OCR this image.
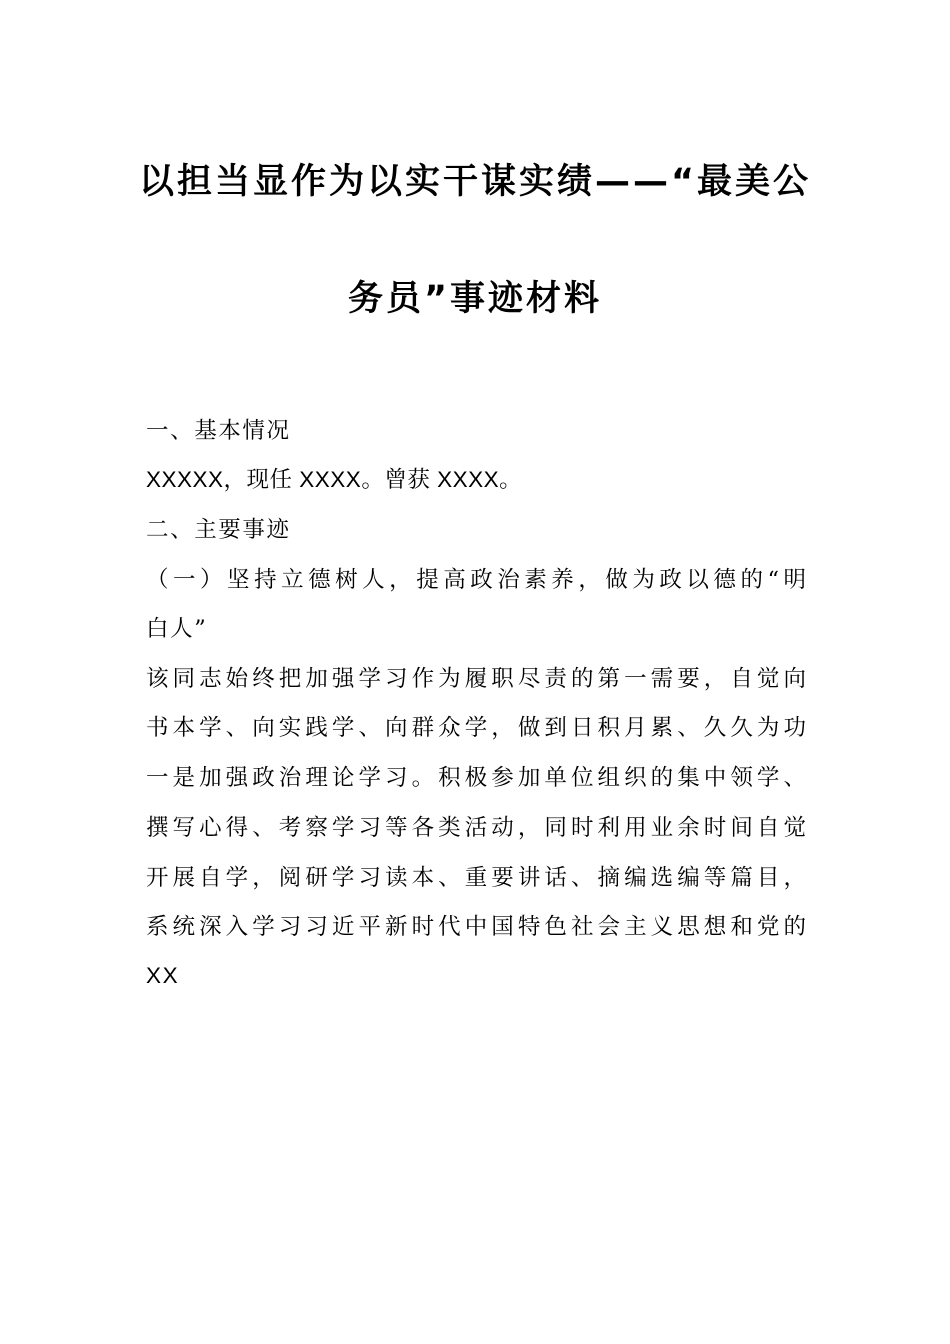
以担当显作为以实干谋实绩——“最美公
务员”事迹材料
一、基本情况
XXXXX，现任 XXXX。曾获 XXXX。
二、主要事迹
（一）坚持立德树人，提高政治素养，做为政以德的“明
白人”
该同志始终把加强学习作为履职尽责的第一需要，自觉向
书本学、向实践学、向群众学，做到日积月累、久久为功
一是加强政治理论学习。积极参加单位组织的集中领学、
撰写心得、考察学习等各类活动，同时利用业余时间自觉
开展自学，阅研学习读本、重要讲话、摘编选编等篇目，
系统深入学习习近平新时代中国特色社会主义思想和党的
XX
